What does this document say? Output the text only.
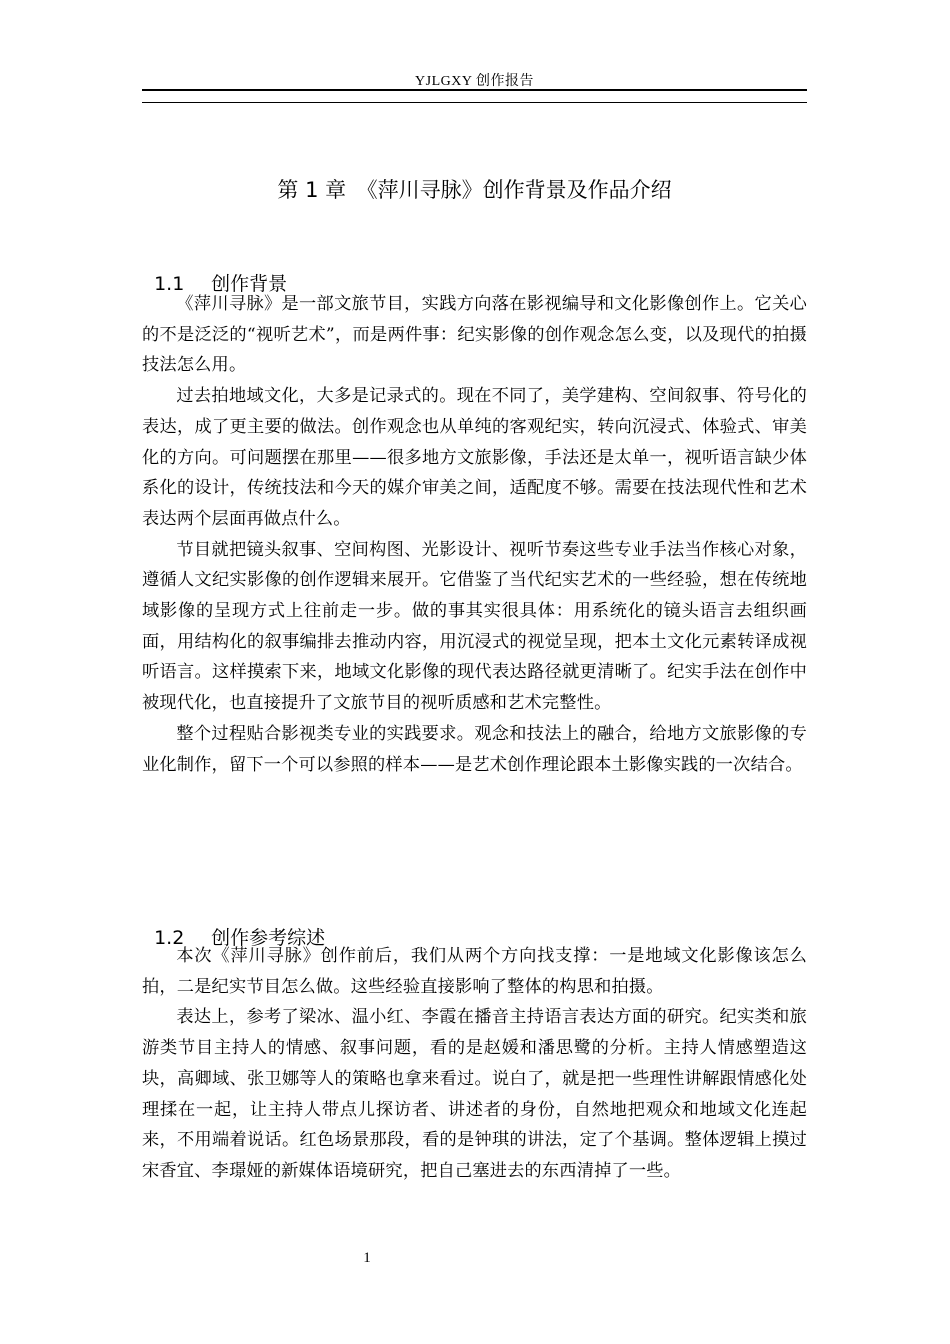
YJLGXY 创作报告
第 1 章　《萍川寻脉》创作背景及作品介绍

1.1 创作背景

《萍川寻脉》是一部文旅节目，实践方向落在影视编导和文化影像创作上。它关心的不是泛泛的“视听艺术”，而是两件事：纪实影像的创作观念怎么变，以及现代的拍摄技法怎么用。

过去拍地域文化，大多是记录式的。现在不同了，美学建构、空间叙事、符号化的表达，成了更主要的做法。创作观念也从单纯的客观纪实，转向沉浸式、体验式、审美化的方向。可问题摆在那里——很多地方文旅影像，手法还是太单一，视听语言缺少体系化的设计，传统技法和今天的媒介审美之间，适配度不够。需要在技法现代性和艺术表达两个层面再做点什么。

节目就把镜头叙事、空间构图、光影设计、视听节奏这些专业手法当作核心对象，遵循人文纪实影像的创作逻辑来展开。它借鉴了当代纪实艺术的一些经验，想在传统地域影像的呈现方式上往前走一步。做的事其实很具体：用系统化的镜头语言去组织画面，用结构化的叙事编排去推动内容，用沉浸式的视觉呈现，把本土文化元素转译成视听语言。这样摸索下来，地域文化影像的现代表达路径就更清晰了。纪实手法在创作中被现代化，也直接提升了文旅节目的视听质感和艺术完整性。

整个过程贴合影视类专业的实践要求。观念和技法上的融合，给地方文旅影像的专业化制作，留下一个可以参照的样本——是艺术创作理论跟本土影像实践的一次结合。

1.2 创作参考综述

本次《萍川寻脉》创作前后，我们从两个方向找支撑：一是地域文化影像该怎么拍，二是纪实节目怎么做。这些经验直接影响了整体的构思和拍摄。

表达上，参考了梁冰、温小红、李霞在播音主持语言表达方面的研究。纪实类和旅游类节目主持人的情感、叙事问题，看的是赵媛和潘思鹭的分析。主持人情感塑造这块，高卿域、张卫娜等人的策略也拿来看过。说白了，就是把一些理性讲解跟情感化处理揉在一起，让主持人带点儿探访者、讲述者的身份，自然地把观众和地域文化连起来，不用端着说话。红色场景那段，看的是钟琪的讲法，定了个基调。整体逻辑上摸过宋香宜、李璟娅的新媒体语境研究，把自己塞进去的东西清掉了一些。

1
